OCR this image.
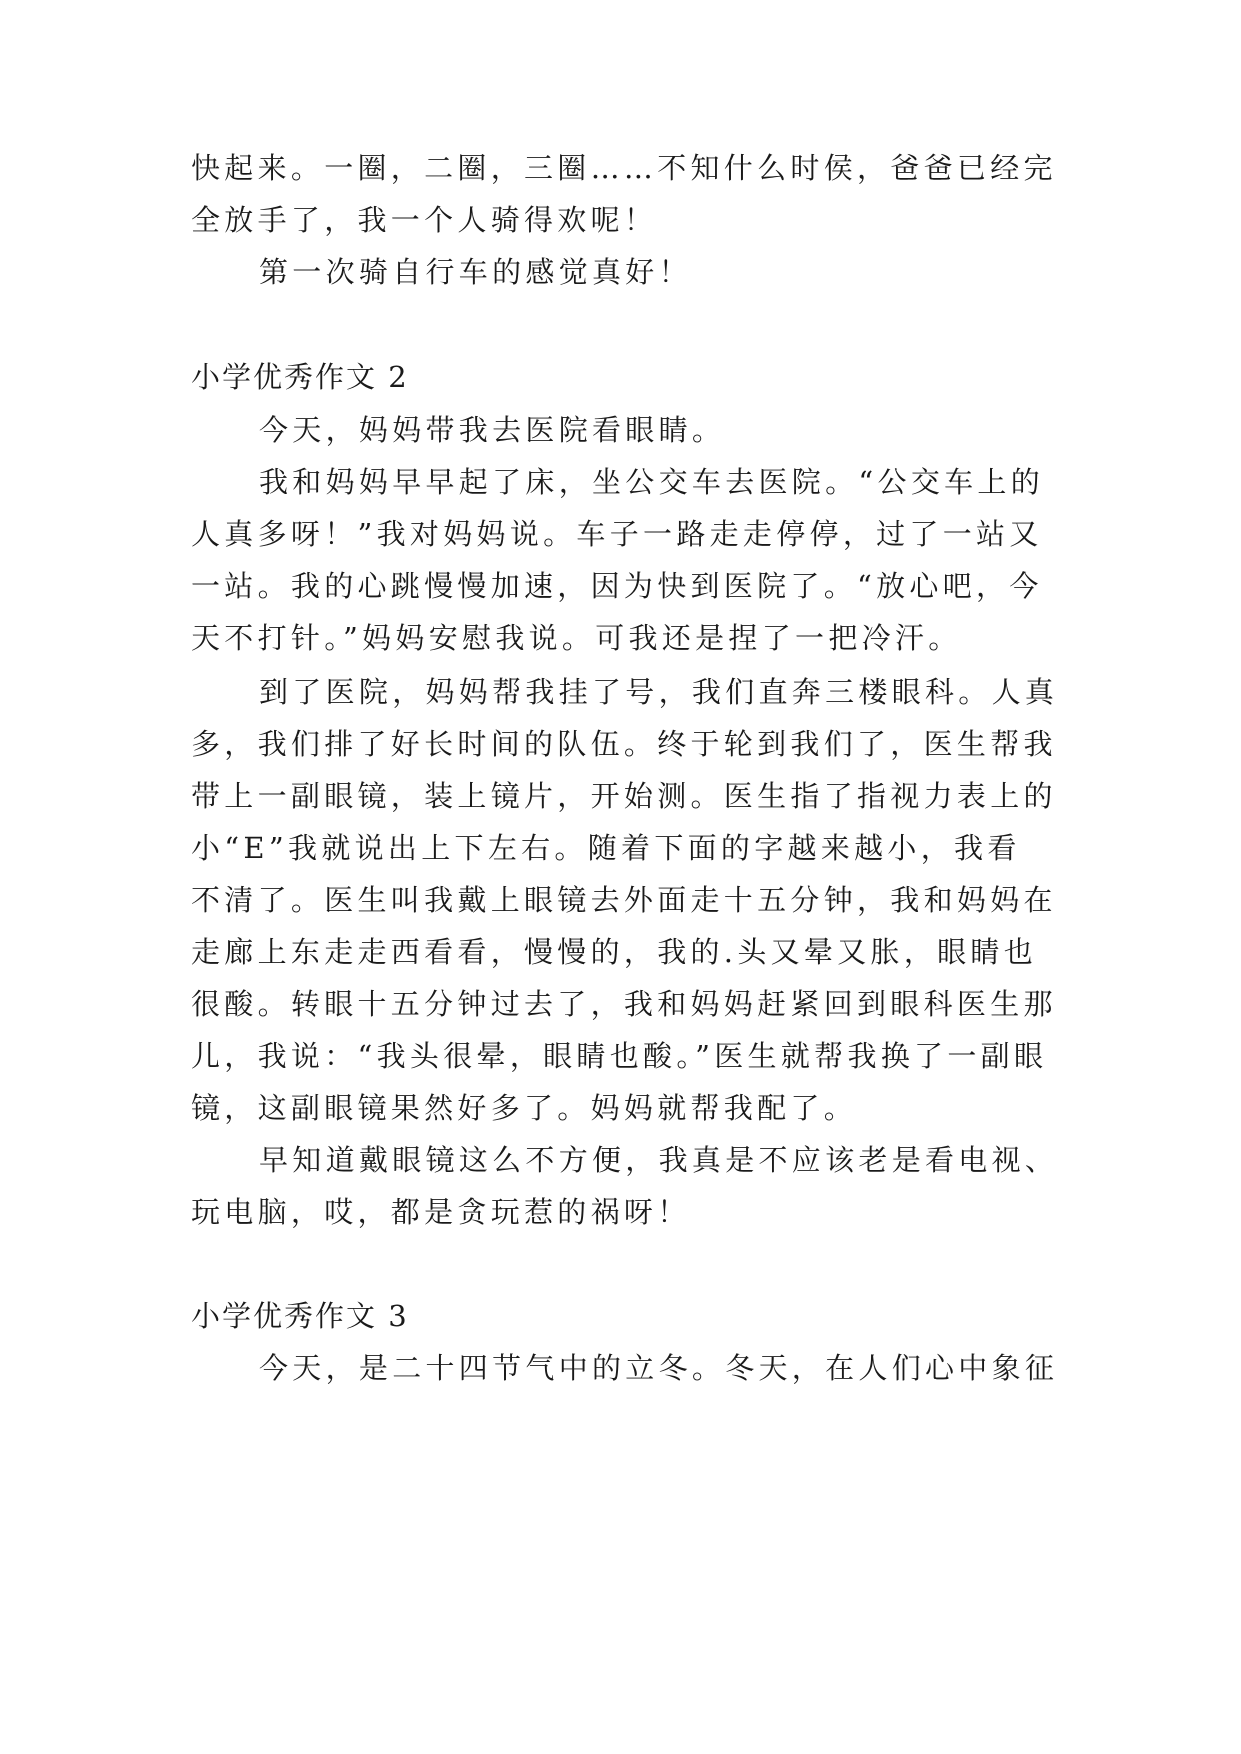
快起来。一圈，二圈，三圈……不知什么时侯，爸爸已经完
全放手了，我一个人骑得欢呢！
第一次骑自行车的感觉真好！
小学优秀作文 2
今天，妈妈带我去医院看眼睛。
我和妈妈早早起了床，坐公交车去医院。“公交车上的
人真多呀！”我对妈妈说。车子一路走走停停，过了一站又
一站。我的心跳慢慢加速，因为快到医院了。“放心吧，今
天不打针。”妈妈安慰我说。可我还是捏了一把冷汗。
到了医院，妈妈帮我挂了号，我们直奔三楼眼科。人真
多，我们排了好长时间的队伍。终于轮到我们了，医生帮我
带上一副眼镜，装上镜片，开始测。医生指了指视力表上的
小“E”我就说出上下左右。随着下面的字越来越小，我看
不清了。医生叫我戴上眼镜去外面走十五分钟，我和妈妈在
走廊上东走走西看看，慢慢的，我的.头又晕又胀，眼睛也
很酸。转眼十五分钟过去了，我和妈妈赶紧回到眼科医生那
儿，我说：“我头很晕，眼睛也酸。”医生就帮我换了一副眼
镜，这副眼镜果然好多了。妈妈就帮我配了。
早知道戴眼镜这么不方便，我真是不应该老是看电视、
玩电脑，哎，都是贪玩惹的祸呀！
小学优秀作文 3
今天，是二十四节气中的立冬。冬天，在人们心中象征
